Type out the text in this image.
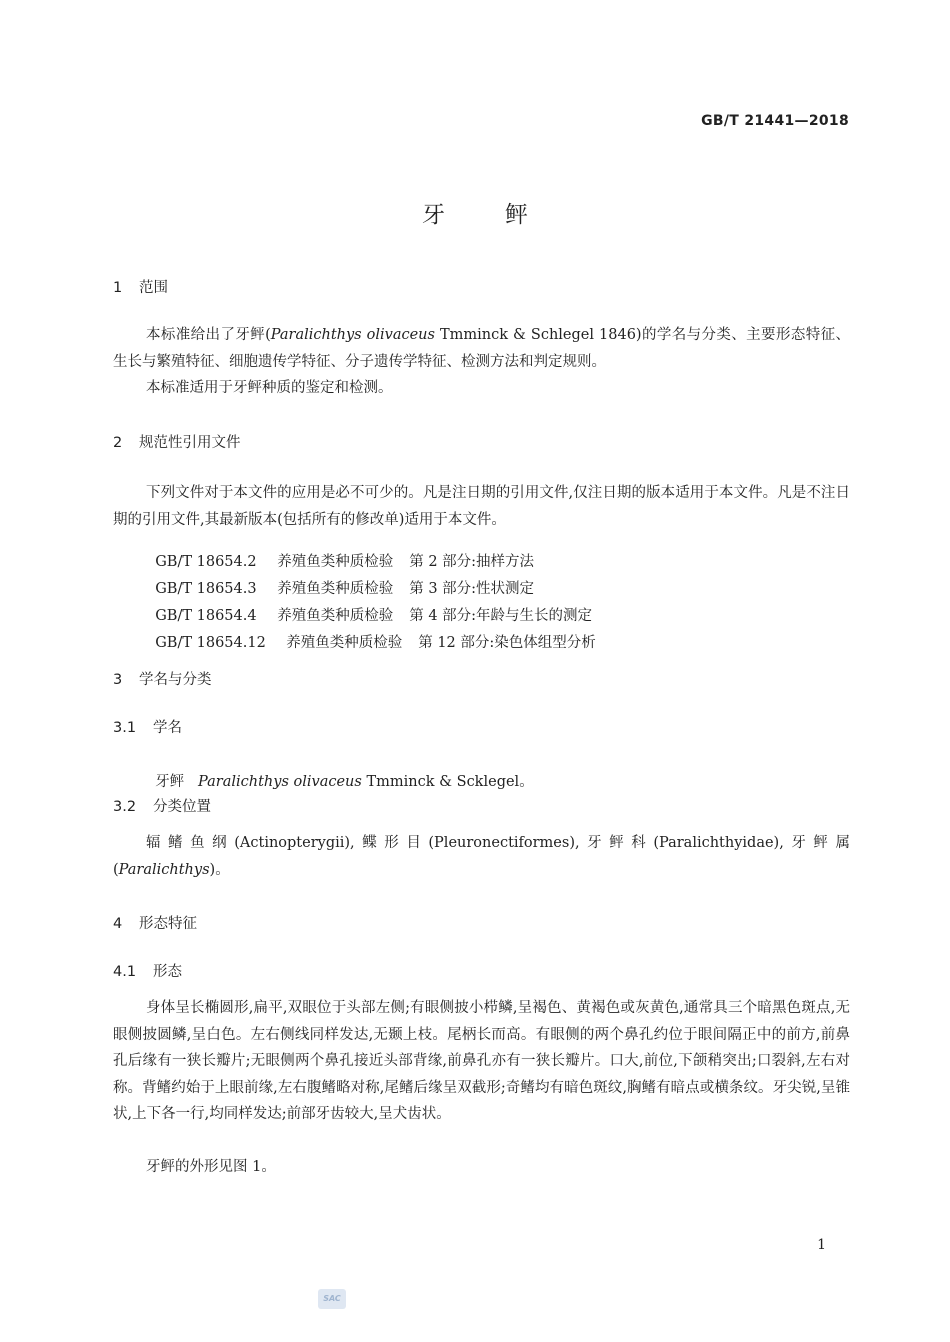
GB/T 21441—2018
牙	鲆
1 范围
本标准给出了牙鲆(Paralichthys olivaceus Tmminck & Schlegel 1846)的学名与分类、主要形态特征、生长与繁殖特征、细胞遗传学特征、分子遗传学特征、检测方法和判定规则。
本标准适用于牙鲆种质的鉴定和检测。
2 规范性引用文件
下列文件对于本文件的应用是必不可少的。凡是注日期的引用文件,仅注日期的版本适用于本文件。凡是不注日期的引用文件,其最新版本(包括所有的修改单)适用于本文件。

GB/T 18654.2 养殖鱼类种质检验 第 2 部分:抽样方法

GB/T 18654.3 养殖鱼类种质检验 第 3 部分:性状测定

GB/T 18654.4 养殖鱼类种质检验 第 4 部分:年龄与生长的测定

GB/T 18654.12 养殖鱼类种质检验 第 12 部分:染色体组型分析

3 学名与分类
3.1 学名

牙鲆 Paralichthys olivaceus Tmminck & Scklegel。

3.2 分类位置
辐鳍鱼纲(Actinopterygii),鲽形目(Pleuronectiformes),牙鲆科(Paralichthyidae),牙鲆属(Paralichthys)。
4 形态特征
4.1 形态
身体呈长椭圆形,扁平,双眼位于头部左侧;有眼侧披小栉鳞,呈褐色、黄褐色或灰黄色,通常具三个暗黑色斑点,无眼侧披圆鳞,呈白色。左右侧线同样发达,无颞上枝。尾柄长而高。有眼侧的两个鼻孔约位于眼间隔正中的前方,前鼻孔后缘有一狭长瓣片;无眼侧两个鼻孔接近头部背缘,前鼻孔亦有一狭长瓣片。口大,前位,下颌稍突出;口裂斜,左右对称。背鳍约始于上眼前缘,左右腹鳍略对称,尾鳍后缘呈双截形;奇鳍均有暗色斑纹,胸鳍有暗点或横条纹。牙尖锐,呈锥状,上下各一行,均同样发达;前部牙齿较大,呈犬齿状。
牙鲆的外形见图 1。
1
SAC
